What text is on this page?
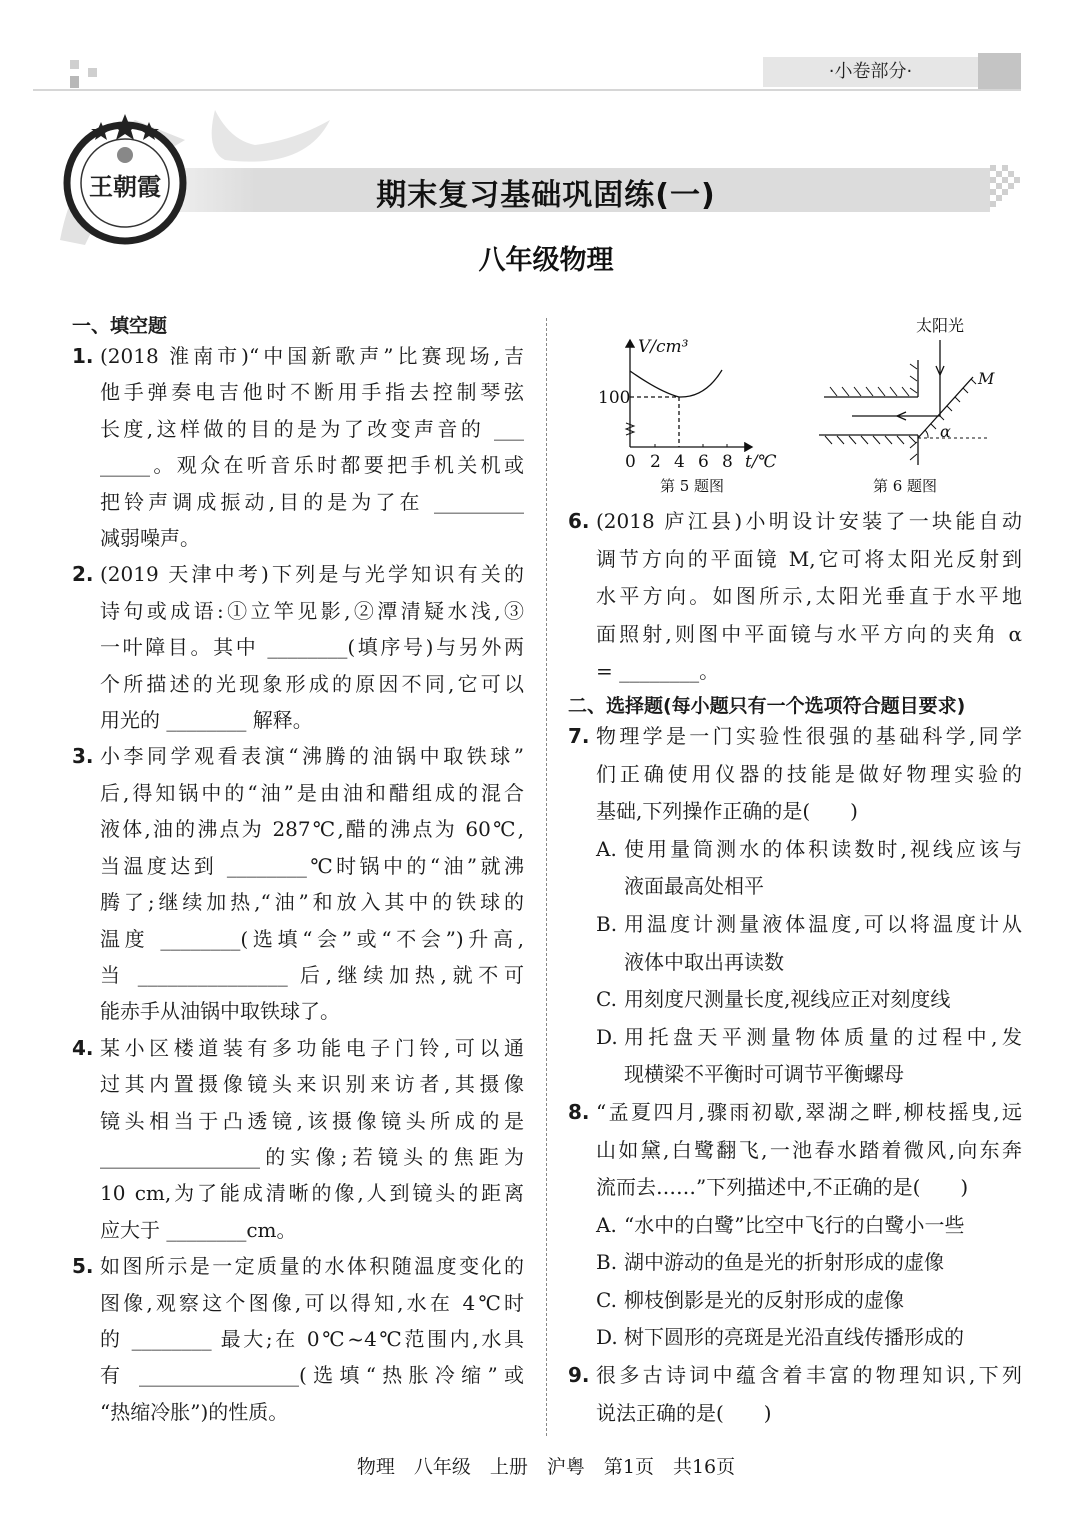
·小卷部分·
王朝霞	期末复习基础巩固练(一)
八年级物理
一、填空题
1. (2018 淮南市)“中国新歌声”比赛现场,吉
他手弹奏电吉他时不断用手指去控制琴弦
长度,这样做的目的是为了改变声音的 ___
_____。观众在听音乐时都要把手机关机或
把铃声调成振动,目的是为了在 _________
减弱噪声。
2. (2019 天津中考)下列是与光学知识有关的
诗句或成语:①立竿见影,②潭清疑水浅,③
一叶障目。其中 ________(填序号)与另外两
个所描述的光现象形成的原因不同,它可以
用光的 ________ 解释。
3. 小李同学观看表演“沸腾的油锅中取铁球”
后,得知锅中的“油”是由油和醋组成的混合
液体,油的沸点为 287℃,醋的沸点为 60℃,
当温度达到 ________℃时锅中的“油”就沸
腾了;继续加热,“油”和放入其中的铁球的
温度 ________(选填“会”或“不会”)升高,
当 _______________ 后,继续加热,就不可
能赤手从油锅中取铁球了。
4. 某小区楼道装有多功能电子门铃,可以通
过其内置摄像镜头来识别来访者,其摄像
镜头相当于凸透镜,该摄像镜头所成的是
________________的实像;若镜头的焦距为
10 cm,为了能成清晰的像,人到镜头的距离
应大于 ________cm。
5. 如图所示是一定质量的水体积随温度变化的
图像,观察这个图像,可以得知,水在 4℃时
的 ________ 最大;在 0℃~4℃范围内,水具
有 ________________(选填“热胀冷缩”或
“热缩冷胀”)的性质。
6. (2018 庐江县)小明设计安装了一块能自动
调节方向的平面镜 M,它可将太阳光反射到
水平方向。如图所示,太阳光垂直于水平地
面照射,则图中平面镜与水平方向的夹角 α
= ________。
二、选择题(每小题只有一个选项符合题目要求)
7. 物理学是一门实验性很强的基础科学,同学
们正确使用仪器的技能是做好物理实验的
基础,下列操作正确的是(　　)
A. 使用量筒测水的体积读数时,视线应该与
液面最高处相平
B. 用温度计测量液体温度,可以将温度计从
液体中取出再读数
C. 用刻度尺测量长度,视线应正对刻度线
D. 用托盘天平测量物体质量的过程中,发
现横梁不平衡时可调节平衡螺母
8. “孟夏四月,骤雨初歇,翠湖之畔,柳枝摇曳,远
山如黛,白鹭翻飞,一池春水踏着微风,向东奔
流而去……”下列描述中,不正确的是(　　)
A. “水中的白鹭”比空中飞行的白鹭小一些
B. 湖中游动的鱼是光的折射形成的虚像
C. 柳枝倒影是光的反射形成的虚像
D. 树下圆形的亮斑是光沿直线传播形成的
9. 很多古诗词中蕴含着丰富的物理知识,下列
说法正确的是(　　)
V/cm³
100
0 2 4 6 8 t/℃
第 5 题图
太阳光
M
α
第 6 题图
物理　八年级　上册　沪粤　第1页　共16页
